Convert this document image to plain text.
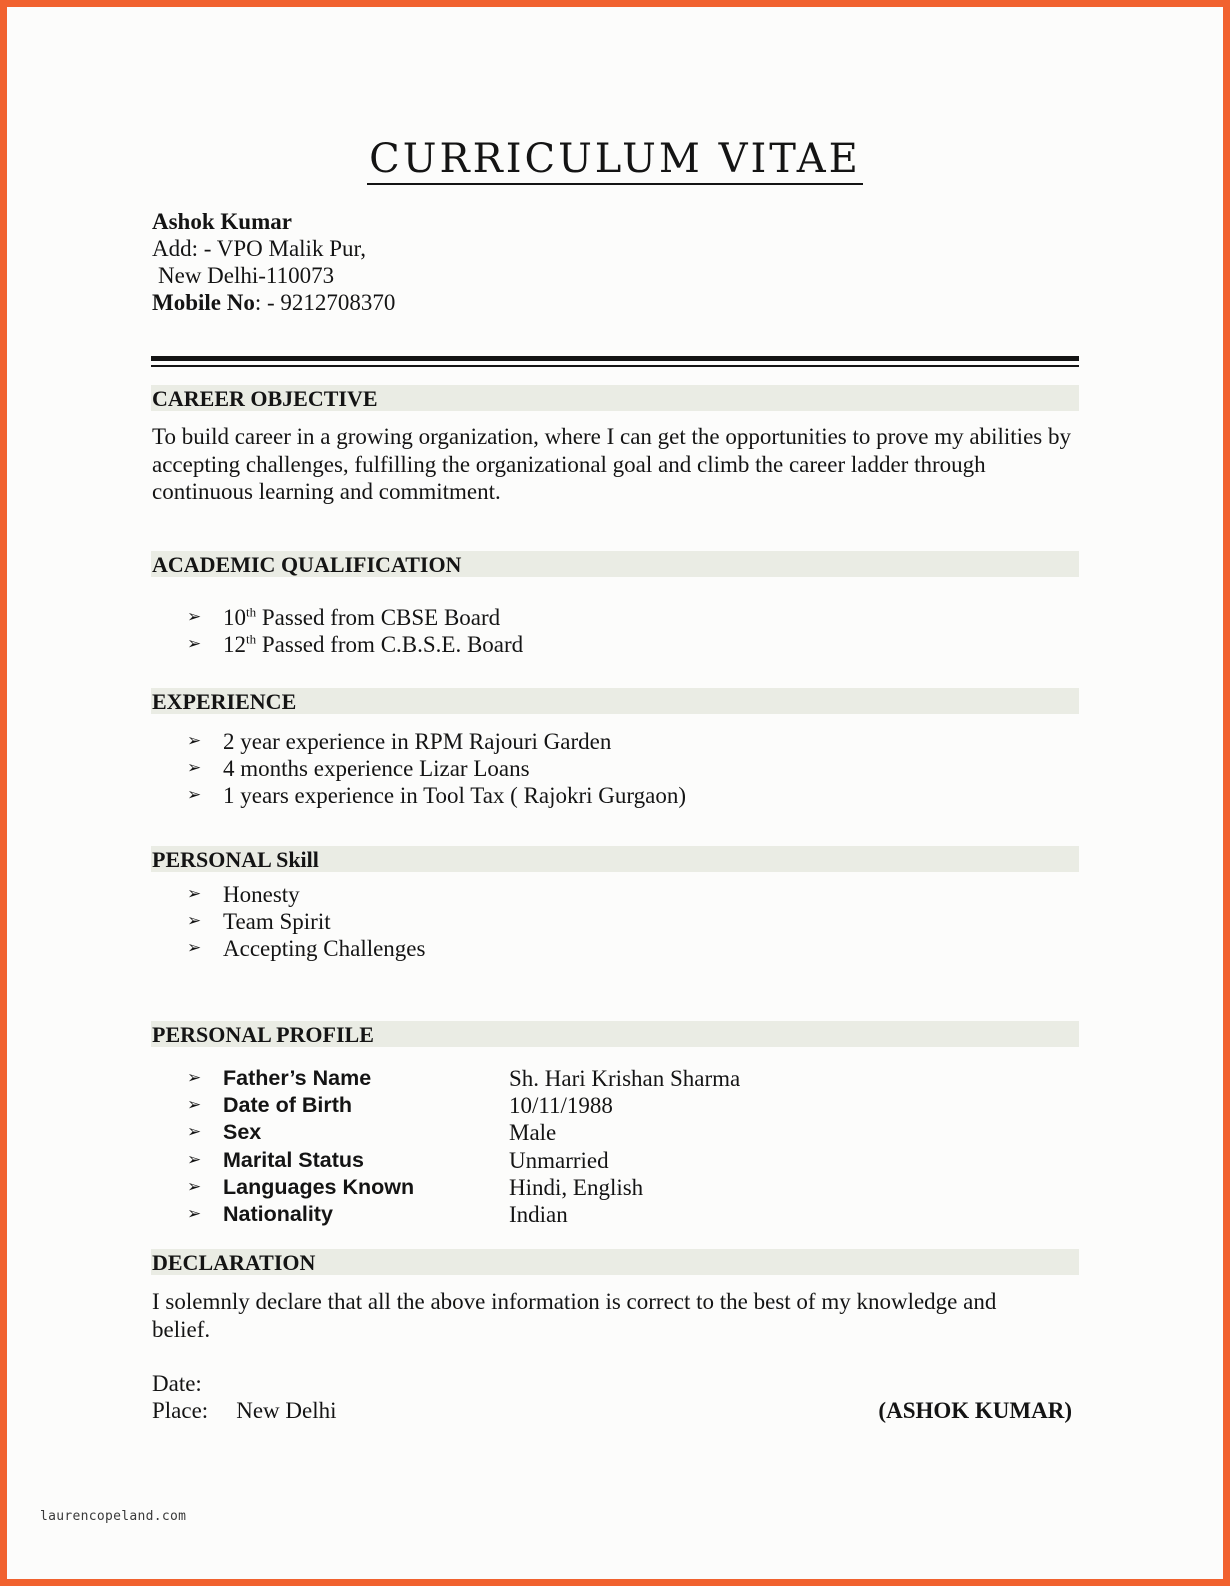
CURRICULUM VITAE
Ashok Kumar
Add: - VPO Malik Pur,
New Delhi-110073
Mobile No: - 9212708370
CAREER OBJECTIVE
To build career in a growing organization, where I can get the opportunities to prove my abilities by accepting challenges, fulfilling the organizational goal and climb the career ladder through continuous learning and commitment.
ACADEMIC QUALIFICATION
➢ 10th Passed from CBSE Board
➢ 12th Passed from C.B.S.E. Board
EXPERIENCE
➢ 2 year experience in RPM Rajouri Garden
➢ 4 months experience Lizar Loans
➢ 1 years experience in Tool Tax ( Rajokri Gurgaon)
PERSONAL Skill
➢ Honesty
➢ Team Spirit
➢ Accepting Challenges
PERSONAL PROFILE
➢ Father’s Name	Sh. Hari Krishan Sharma
➢ Date of Birth	10/11/1988
➢ Sex	Male
➢ Marital Status	Unmarried
➢ Languages Known	Hindi, English
➢ Nationality	Indian
DECLARATION
I solemnly declare that all the above information is correct to the best of my knowledge and belief.
Date:
Place: New Delhi	(ASHOK KUMAR)
laurencopeland.com
